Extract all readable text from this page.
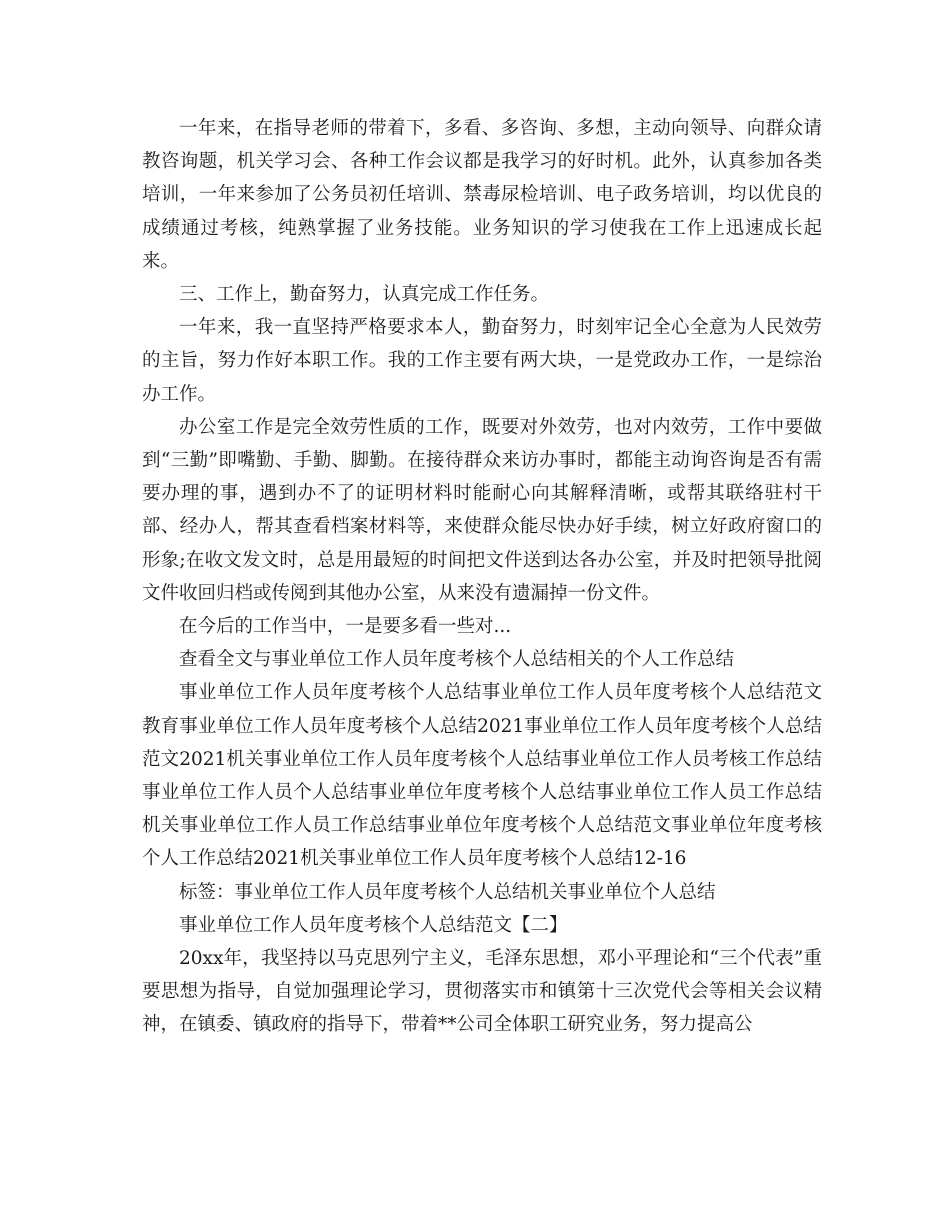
一年来，在指导老师的带着下，多看、多咨询、多想，主动向领导、向群众请教咨询题，机关学习会、各种工作会议都是我学习的好时机。此外，认真参加各类培训，一年来参加了公务员初任培训、禁毒尿检培训、电子政务培训，均以优良的成绩通过考核，纯熟掌握了业务技能。业务知识的学习使我在工作上迅速成长起来。

三、工作上，勤奋努力，认真完成工作任务。

一年来，我一直坚持严格要求本人，勤奋努力，时刻牢记全心全意为人民效劳的主旨，努力作好本职工作。我的工作主要有两大块，一是党政办工作，一是综治办工作。

办公室工作是完全效劳性质的工作，既要对外效劳，也对内效劳，工作中要做到“三勤”即嘴勤、手勤、脚勤。在接待群众来访办事时，都能主动询咨询是否有需要办理的事，遇到办不了的证明材料时能耐心向其解释清晰，或帮其联络驻村干部、经办人，帮其查看档案材料等，来使群众能尽快办好手续，树立好政府窗口的形象;在收文发文时，总是用最短的时间把文件送到达各办公室，并及时把领导批阅文件收回归档或传阅到其他办公室，从来没有遗漏掉一份文件。

在今后的工作当中，一是要多看一些对...

查看全文与事业单位工作人员年度考核个人总结相关的个人工作总结

事业单位工作人员年度考核个人总结事业单位工作人员年度考核个人总结范文教育事业单位工作人员年度考核个人总结2021事业单位工作人员年度考核个人总结范文2021机关事业单位工作人员年度考核个人总结事业单位工作人员考核工作总结事业单位工作人员个人总结事业单位年度考核个人总结事业单位工作人员工作总结机关事业单位工作人员工作总结事业单位年度考核个人总结范文事业单位年度考核个人工作总结2021机关事业单位工作人员年度考核个人总结12-16

标签：事业单位工作人员年度考核个人总结机关事业单位个人总结

事业单位工作人员年度考核个人总结范文【二】

20xx年，我坚持以马克思列宁主义，毛泽东思想，邓小平理论和“三个代表”重要思想为指导，自觉加强理论学习，贯彻落实市和镇第十三次党代会等相关会议精神，在镇委、镇政府的指导下，带着**公司全体职工研究业务，努力提高公
